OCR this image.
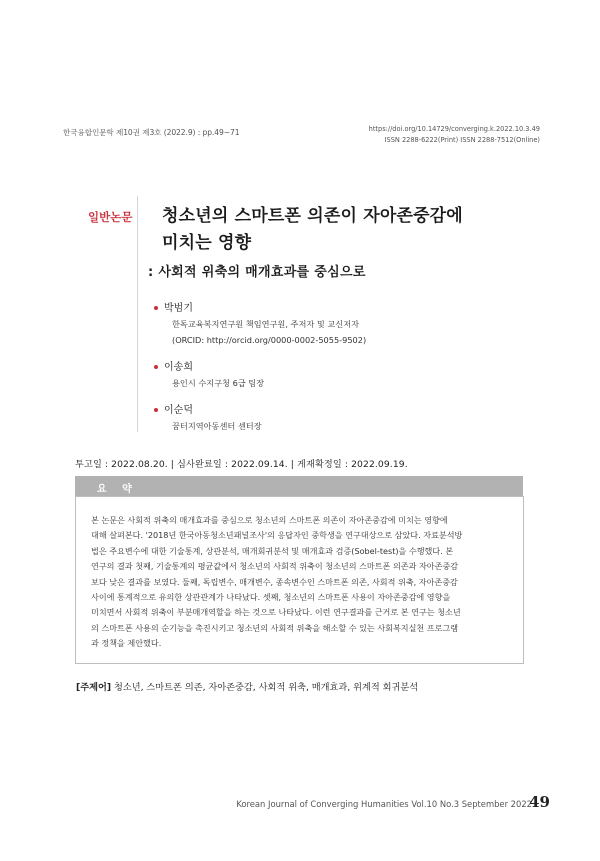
한국융합인문학 제10권 제3호 (2022.9) : pp.49~71	https://doi.org/10.14729/converging.k.2022.10.3.49
ISSN 2288-6222(Print) ISSN 2288-7512(Online)
일반논문 청소년의 스마트폰 의존이 자아존중감에
미치는 영향
: 사회적 위축의 매개효과를 중심으로
박범기
한독교육복지연구원 책임연구원, 주저자 및 교신저자
(ORCID: http://orcid.org/0000-0002-5055-9502)
이송희
용인시 수지구청 6급 팀장
이순덕
꿈터지역아동센터 센터장
투고일 : 2022.08.20. | 심사완료일 : 2022.09.14. | 게재확정일 : 2022.09.19.
요 약
본 논문은 사회적 위축의 매개효과를 중심으로 청소년의 스마트폰 의존이 자아존중감에 미치는 영향에
대해 살펴본다. '2018년 한국아동청소년패널조사'의 응답자인 중학생을 연구대상으로 삼았다. 자료분석방
법은 주요변수에 대한 기술통계, 상관분석, 매개회귀분석 및 매개효과 검증(Sobel-test)을 수행했다. 본
연구의 결과 첫째, 기술통계의 평균값에서 청소년의 사회적 위축이 청소년의 스마트폰 의존과 자아존중감
보다 낮은 결과를 보였다. 둘째, 독립변수, 매개변수, 종속변수인 스마트폰 의존, 사회적 위축, 자아존중감
사이에 통계적으로 유의한 상관관계가 나타났다. 셋째, 청소년의 스마트폰 사용이 자아존중감에 영향을
미치면서 사회적 위축이 부분매개역할을 하는 것으로 나타났다. 이런 연구결과를 근거로 본 연구는 청소년
의 스마트폰 사용의 순기능을 촉진시키고 청소년의 사회적 위축을 해소할 수 있는 사회복지실천 프로그램
과 정책을 제안했다.
[주제어] 청소년, 스마트폰 의존, 자아존중감, 사회적 위축, 매개효과, 위계적 회귀분석
Korean Journal of Converging Humanities Vol.10 No.3 September 2022
49
